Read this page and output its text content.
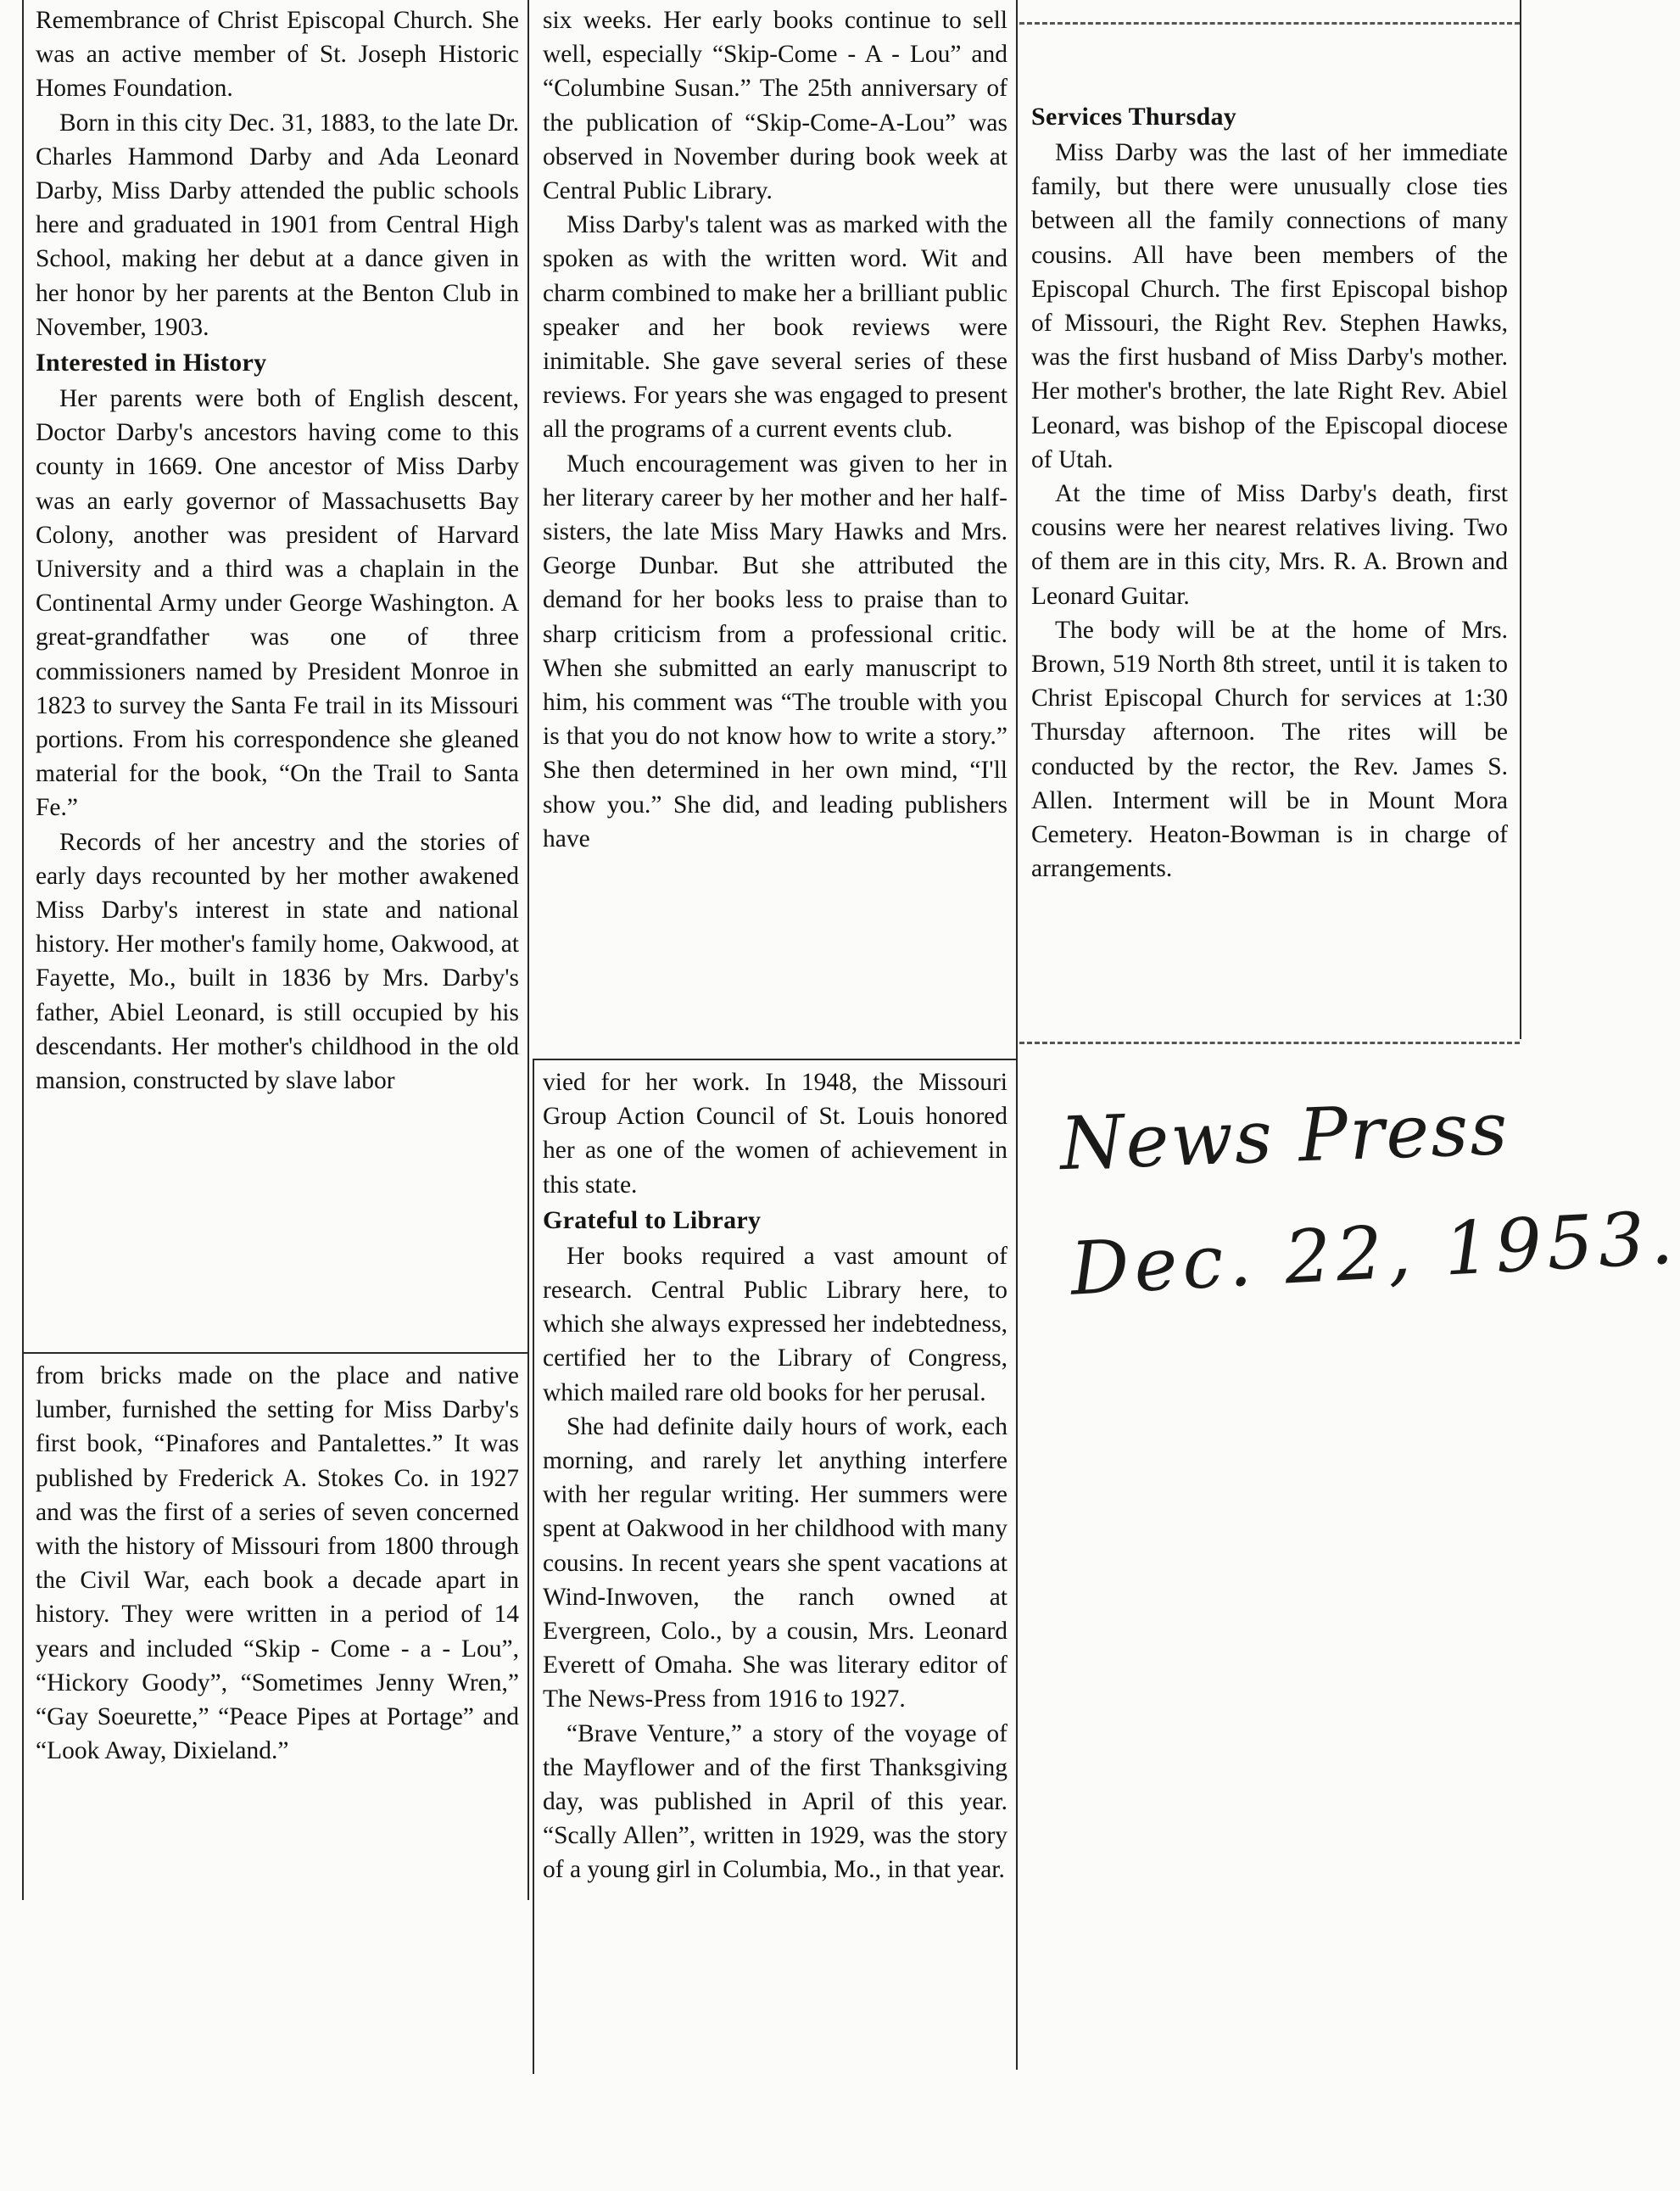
Remembrance of Christ Episcopal Church. She was an active member of St. Joseph Historic Homes Foundation.

Born in this city Dec. 31, 1883, to the late Dr. Charles Hammond Darby and Ada Leonard Darby, Miss Darby attended the public schools here and graduated in 1901 from Central High School, making her debut at a dance given in her honor by her parents at the Benton Club in November, 1903.

Interested in History

Her parents were both of English descent, Doctor Darby's ancestors having come to this county in 1669. One ancestor of Miss Darby was an early governor of Massachusetts Bay Colony, another was president of Harvard University and a third was a chaplain in the Continental Army under George Washington. A great-grandfather was one of three commissioners named by President Monroe in 1823 to survey the Santa Fe trail in its Missouri portions. From his correspondence she gleaned material for the book, “On the Trail to Santa Fe.”

Records of her ancestry and the stories of early days recounted by her mother awakened Miss Darby's interest in state and national history. Her mother's family home, Oakwood, at Fayette, Mo., built in 1836 by Mrs. Darby's father, Abiel Leonard, is still occupied by his descendants. Her mother's childhood in the old mansion, constructed by slave labor

from bricks made on the place and native lumber, furnished the setting for Miss Darby's first book, “Pinafores and Pantalettes.” It was published by Frederick A. Stokes Co. in 1927 and was the first of a series of seven concerned with the history of Missouri from 1800 through the Civil War, each book a decade apart in history. They were written in a period of 14 years and included “Skip - Come - a - Lou”, “Hickory Goody”, “Sometimes Jenny Wren,” “Gay Soeurette,” “Peace Pipes at Portage” and “Look Away, Dixieland.”

six weeks. Her early books continue to sell well, especially “Skip-Come - A - Lou” and “Columbine Susan.” The 25th anniversary of the publication of “Skip-Come-A-Lou” was observed in November during book week at Central Public Library.

Miss Darby's talent was as marked with the spoken as with the written word. Wit and charm combined to make her a brilliant public speaker and her book reviews were inimitable. She gave several series of these reviews. For years she was engaged to present all the programs of a current events club.

Much encouragement was given to her in her literary career by her mother and her half-sisters, the late Miss Mary Hawks and Mrs. George Dunbar. But she attributed the demand for her books less to praise than to sharp criticism from a professional critic. When she submitted an early manuscript to him, his comment was “The trouble with you is that you do not know how to write a story.” She then determined in her own mind, “I'll show you.” She did, and leading publishers have

vied for her work. In 1948, the Missouri Group Action Council of St. Louis honored her as one of the women of achievement in this state.

Grateful to Library

Her books required a vast amount of research. Central Public Library here, to which she always expressed her indebtedness, certified her to the Library of Congress, which mailed rare old books for her perusal.

She had definite daily hours of work, each morning, and rarely let anything interfere with her regular writing. Her summers were spent at Oakwood in her childhood with many cousins. In recent years she spent vacations at Wind-Inwoven, the ranch owned at Evergreen, Colo., by a cousin, Mrs. Leonard Everett of Omaha. She was literary editor of The News-Press from 1916 to 1927.

“Brave Venture,” a story of the voyage of the Mayflower and of the first Thanksgiving day, was published in April of this year. “Scally Allen”, written in 1929, was the story of a young girl in Columbia, Mo., in that year.

Services Thursday

Miss Darby was the last of her immediate family, but there were unusually close ties between all the family connections of many cousins. All have been members of the Episcopal Church. The first Episcopal bishop of Missouri, the Right Rev. Stephen Hawks, was the first husband of Miss Darby's mother. Her mother's brother, the late Right Rev. Abiel Leonard, was bishop of the Episcopal diocese of Utah.

At the time of Miss Darby's death, first cousins were her nearest relatives living. Two of them are in this city, Mrs. R. A. Brown and Leonard Guitar.

The body will be at the home of Mrs. Brown, 519 North 8th street, until it is taken to Christ Episcopal Church for services at 1:30 Thursday afternoon. The rites will be conducted by the rector, the Rev. James S. Allen. Interment will be in Mount Mora Cemetery. Heaton-Bowman is in charge of arrangements.

News Press
Dec. 22, 1953.
